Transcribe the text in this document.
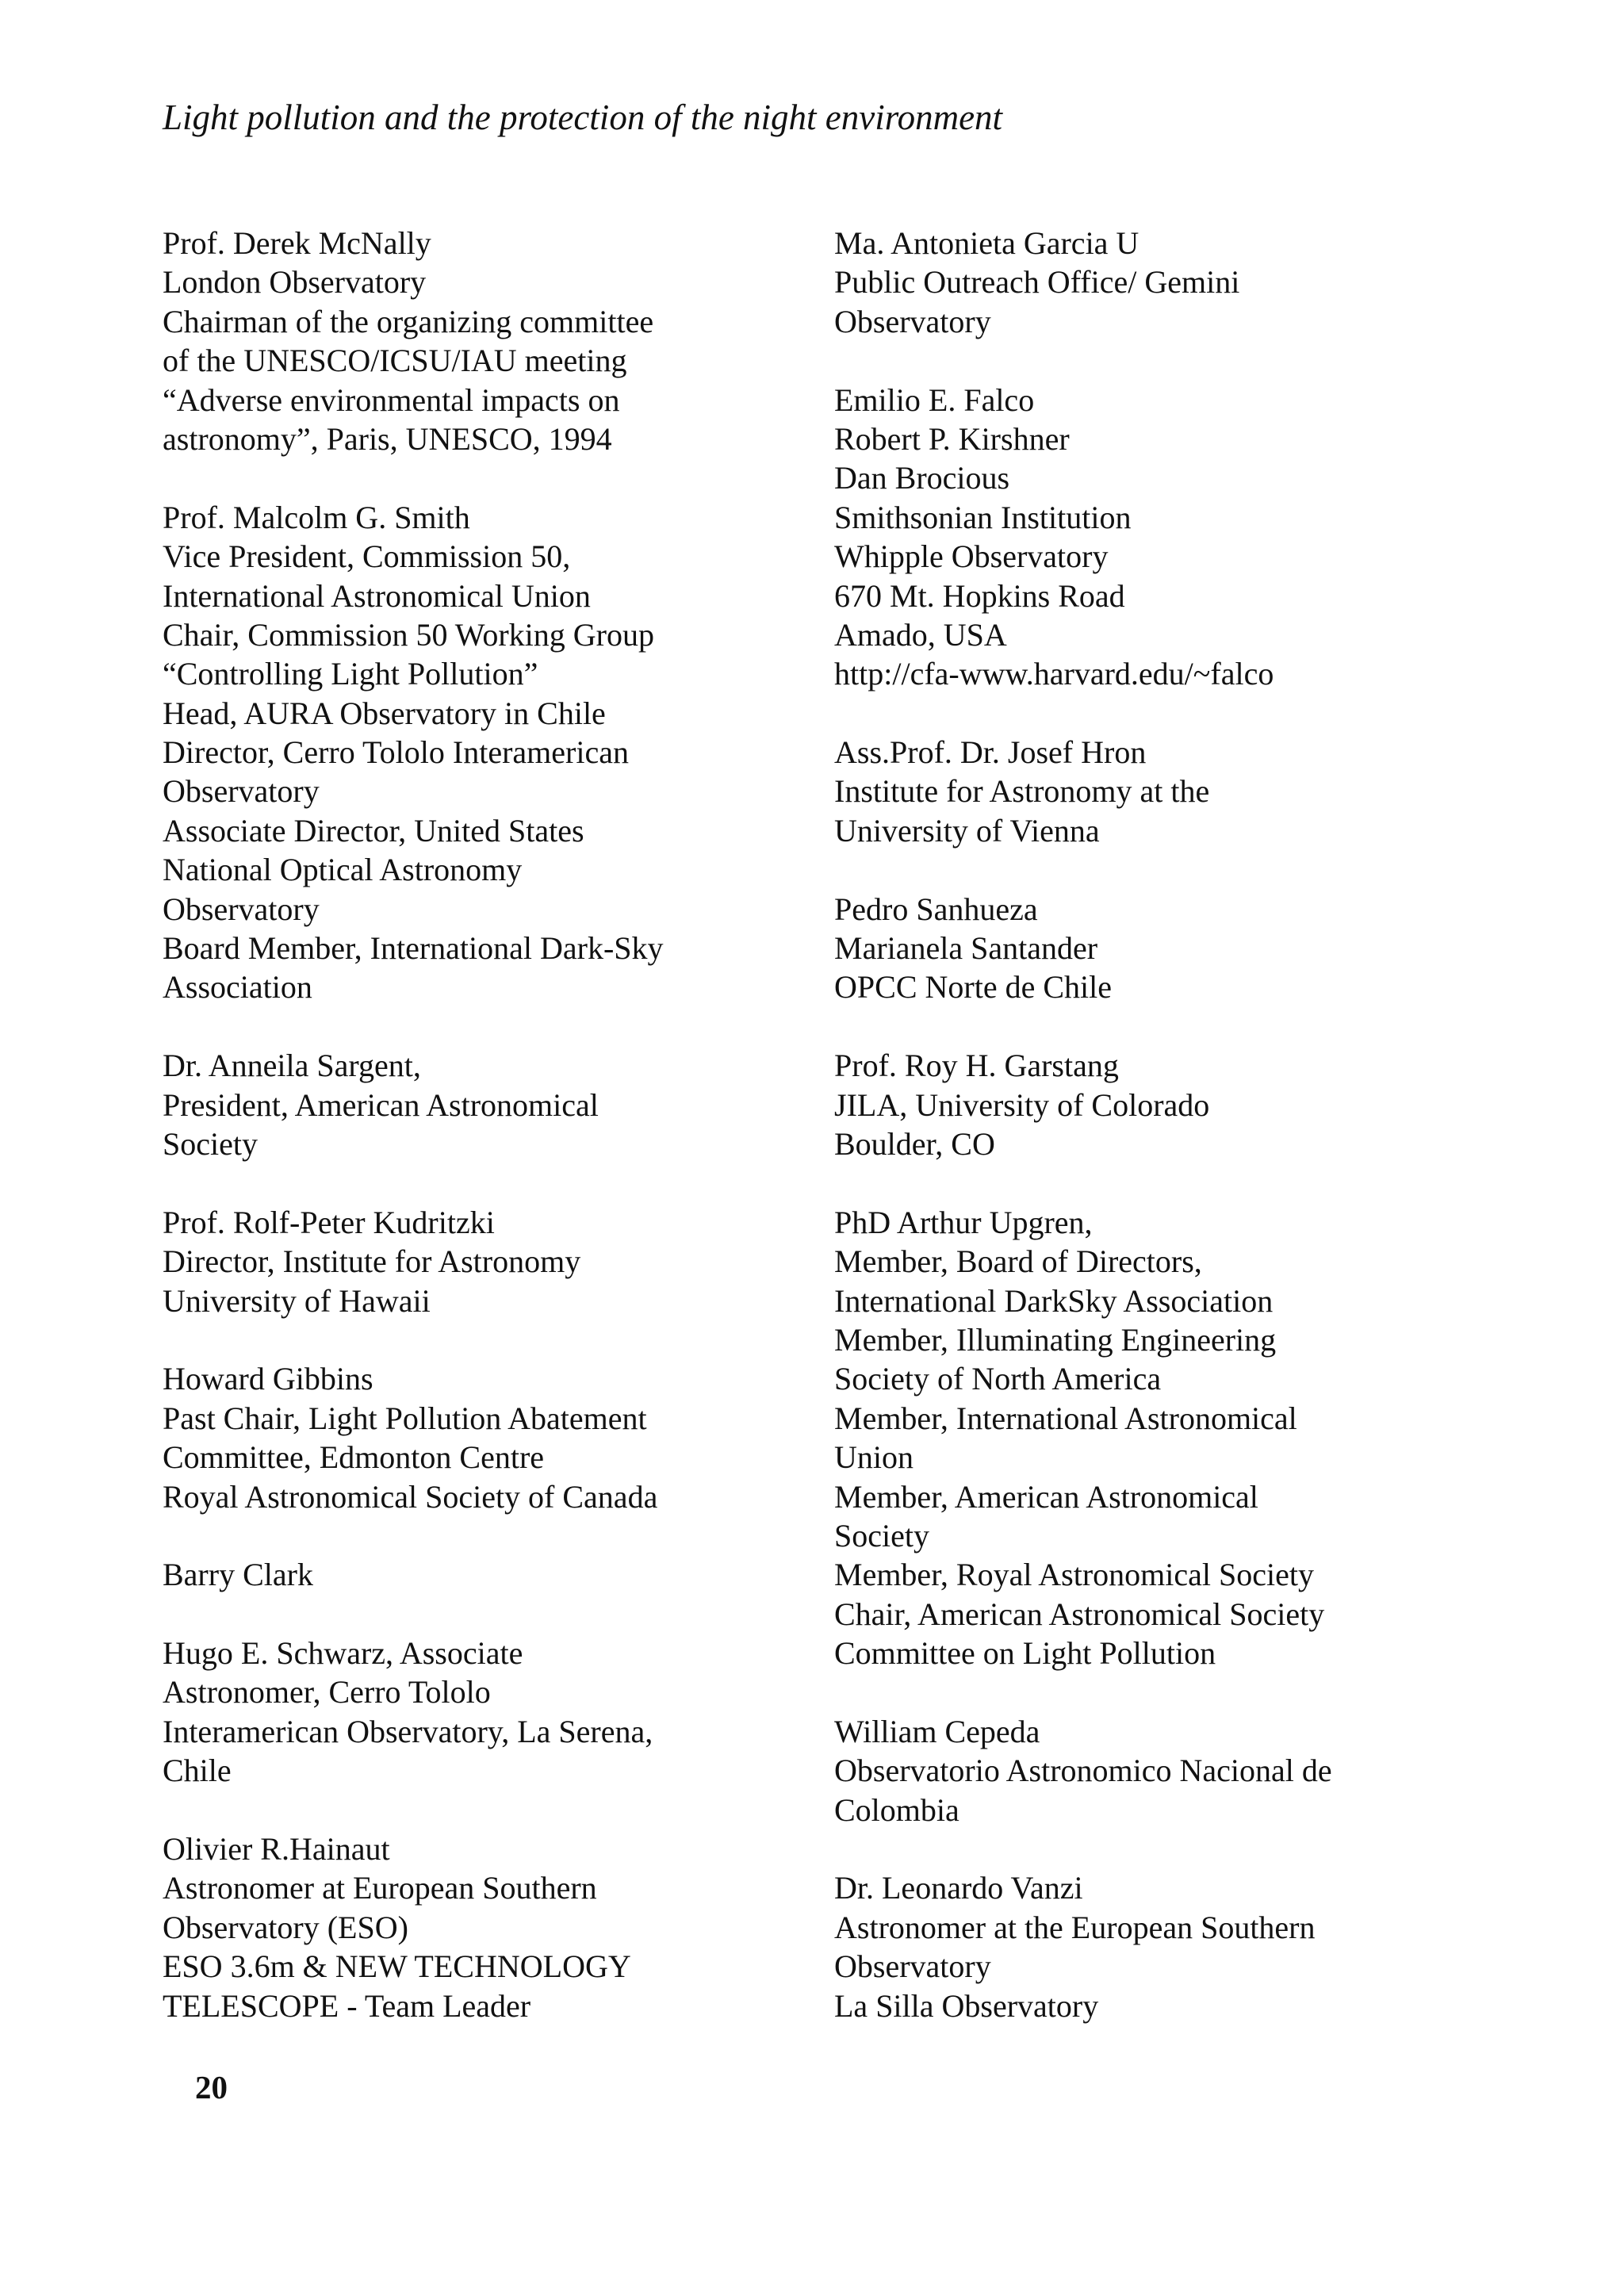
Light pollution and the protection of the night environment
Prof. Derek McNally
London Observatory
Chairman of the organizing committee
of the UNESCO/ICSU/IAU meeting
“Adverse environmental impacts on
astronomy”, Paris, UNESCO, 1994
Prof. Malcolm G. Smith
Vice President, Commission 50,
International Astronomical Union
Chair, Commission 50 Working Group
“Controlling Light Pollution”
Head, AURA Observatory in Chile
Director, Cerro Tololo Interamerican
Observatory
Associate Director, United States
National Optical Astronomy
Observatory
Board Member, International Dark-Sky
Association
Dr. Anneila Sargent,
President, American Astronomical
Society
Prof. Rolf-Peter Kudritzki
Director, Institute for Astronomy
University of Hawaii
Howard Gibbins
Past Chair, Light Pollution Abatement
Committee, Edmonton Centre
Royal Astronomical Society of Canada
Barry Clark
Hugo E. Schwarz, Associate
Astronomer, Cerro Tololo
Interamerican Observatory, La Serena,
Chile
Olivier R.Hainaut
Astronomer at European Southern
Observatory (ESO)
ESO 3.6m & NEW TECHNOLOGY
TELESCOPE - Team Leader
Ma. Antonieta Garcia U
Public Outreach Office/ Gemini
Observatory
Emilio E. Falco
Robert P. Kirshner
Dan Brocious
Smithsonian Institution
Whipple Observatory
670 Mt. Hopkins Road
Amado, USA
http://cfa-www.harvard.edu/~falco
Ass.Prof. Dr. Josef Hron
Institute for Astronomy at the
University of Vienna
Pedro Sanhueza
Marianela Santander
OPCC Norte de Chile
Prof. Roy H. Garstang
JILA, University of Colorado
Boulder, CO
PhD Arthur Upgren,
Member, Board of Directors,
International DarkSky Association
Member, Illuminating Engineering
Society of North America
Member, International Astronomical
Union
Member, American Astronomical
Society
Member, Royal Astronomical Society
Chair, American Astronomical Society
Committee on Light Pollution
William Cepeda
Observatorio Astronomico Nacional de
Colombia
Dr. Leonardo Vanzi
Astronomer at the European Southern
Observatory
La Silla Observatory
20
